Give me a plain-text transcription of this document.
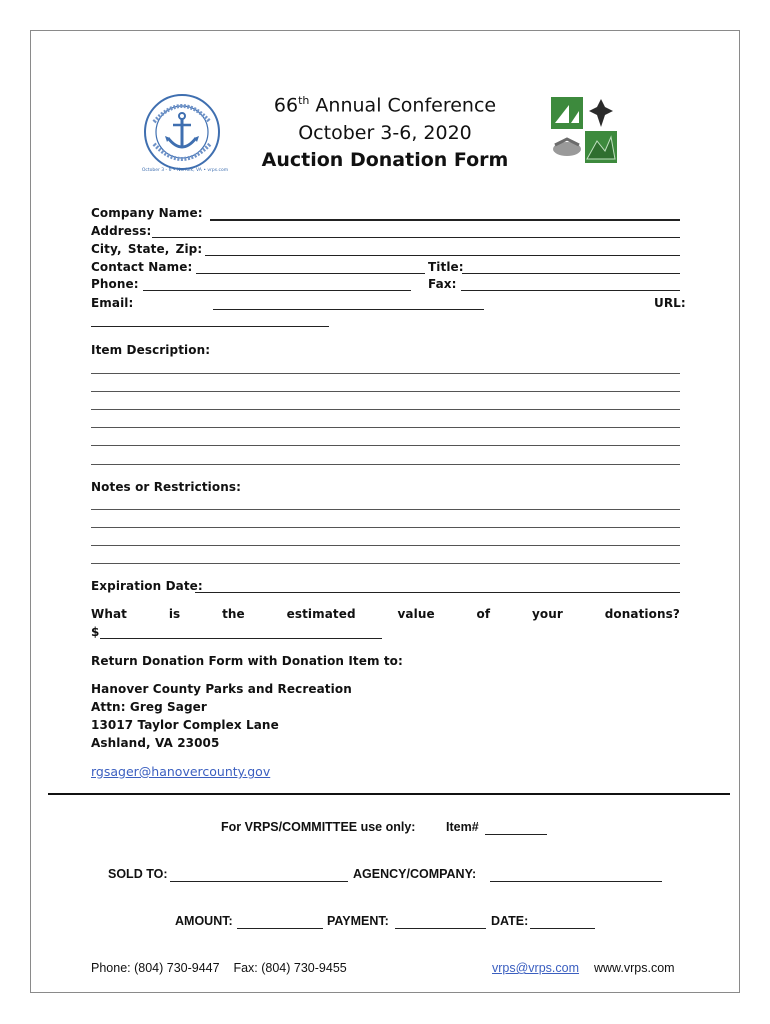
October 3 - 6 • Norfolk, VA • vrps.com
66th Annual Conference
October 3-6, 2020
Auction Donation Form
Company Name:
Address:
City, State, Zip:
Contact Name:	Title:
Phone:	Fax:
Email:	URL:
Item Description:
Notes or Restrictions:
Expiration Date:
What	is	the	estimated	value	of	your	donations?
$
Return Donation Form with Donation Item to:
Hanover County Parks and Recreation
Attn: Greg Sager
13017 Taylor Complex Lane
Ashland, VA 23005
rgsager@hanovercounty.gov
For VRPS/COMMITTEE use only: Item#
SOLD TO:	AGENCY/COMPANY:
AMOUNT:	PAYMENT:	DATE:
Phone: (804) 730-9447    Fax: (804) 730-9455	vrps@vrps.com www.vrps.com
